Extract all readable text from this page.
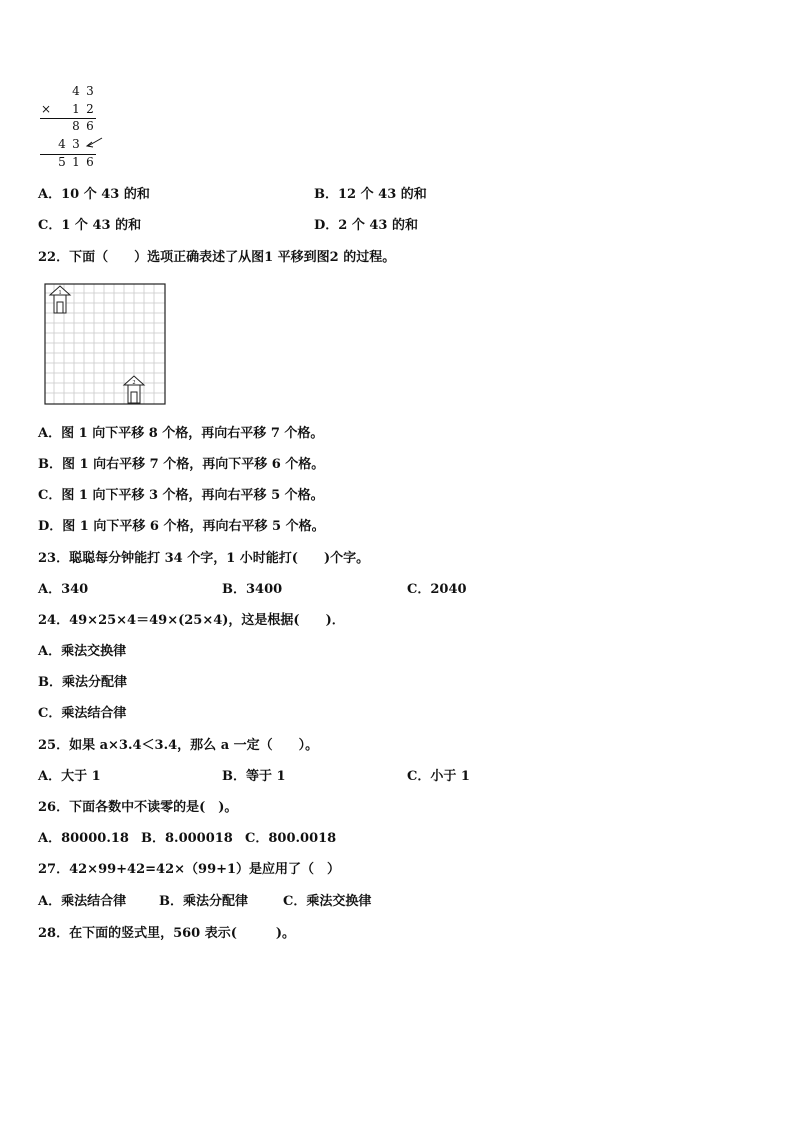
4 3
× 1 2
8 6
4 3
5 1 6
A．10 个 43 的和	B．12 个 43 的和
C．1 个 43 的和	D．2 个 43 的和
22．下面（　　）选项正确表述了从图1 平移到图2 的过程。
1
2
A．图 1 向下平移 8 个格，再向右平移 7 个格。
B．图 1 向右平移 7 个格，再向下平移 6 个格。
C．图 1 向下平移 3 个格，再向右平移 5 个格。
D．图 1 向下平移 6 个格，再向右平移 5 个格。
23．聪聪每分钟能打 34 个字，1 小时能打(　　)个字。
A．340	B．3400	C．2040
24．49×25×4＝49×(25×4)，这是根据(　　)．
A．乘法交换律
B．乘法分配律
C．乘法结合律
25．如果 a×3.4＜3.4，那么 a 一定（　　）。
A．大于 1	B．等于 1	C．小于 1
26．下面各数中不读零的是(　)。
A．80000.18 B．8.000018 C．800.0018
27．42×99+42=42×（99+1）是应用了（　）
A．乘法结合律	B．乘法分配律	C．乘法交换律
28．在下面的竖式里，560 表示(　　　)。
